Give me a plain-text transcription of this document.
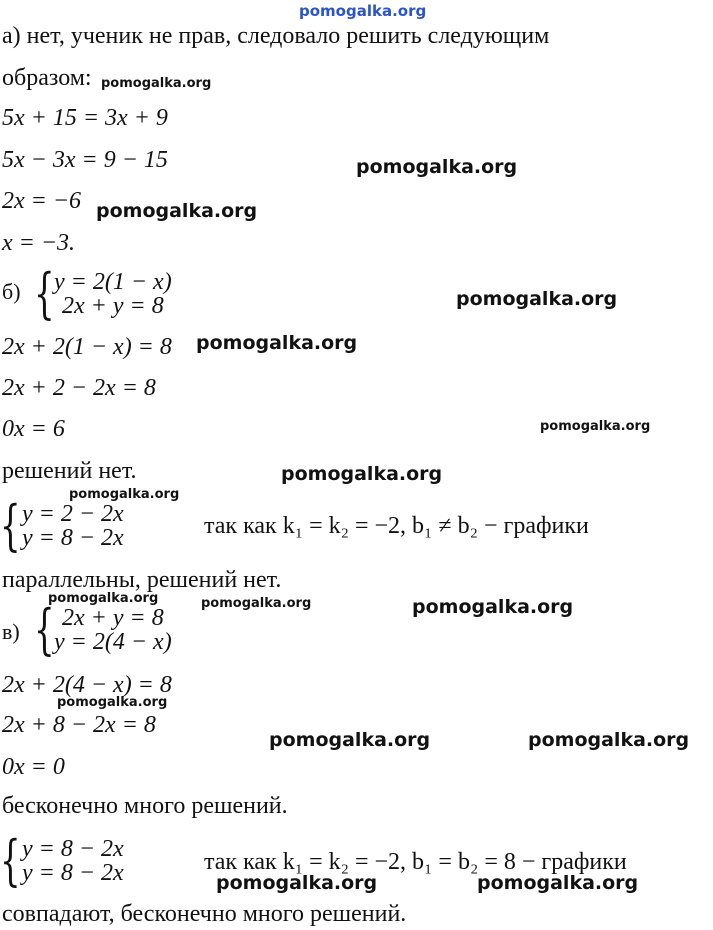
pomogalka.org
а) нет, ученик не прав, следовало решить следующим
образом: pomogalka.org
5x + 15 = 3x + 9
5x − 3x = 9 − 15	pomogalka.org
2x = −6 pomogalka.org
x = −3.
б) { y = 2(1 − x)
2x + y = 8	pomogalka.org
2x + 2(1 − x) = 8 pomogalka.org
2x + 2 − 2x = 8
0x = 6	pomogalka.org
решений нет.	pomogalka.org
pomogalka.org
{ y = 2 − 2x
y = 8 − 2x	так как k₁ = k₂ = −2, b₁ ≠ b₂ − графики
параллельны, решений нет.
pomogalka.org	pomogalka.org	pomogalka.org
в) { 2x + y = 8
y = 2(4 − x)
2x + 2(4 − x) = 8
pomogalka.org
2x + 8 − 2x = 8
pomogalka.org	pomogalka.org
0x = 0
бесконечно много решений.
{ y = 8 − 2x
y = 8 − 2x	так как k₁ = k₂ = −2, b₁ = b₂ = 8 − графики
pomogalka.org	pomogalka.org
совпадают, бесконечно много решений.
